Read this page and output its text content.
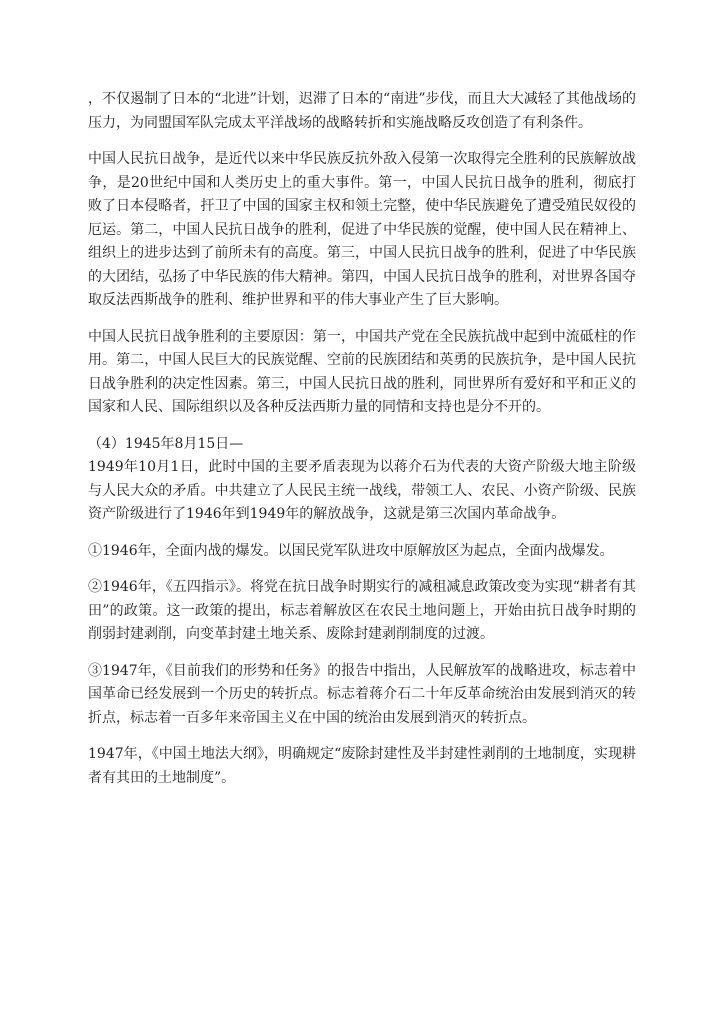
，不仅遏制了日本的“北进”计划，迟滞了日本的“南进”步伐，而且大大减轻了其他战场的压力，为同盟国军队完成太平洋战场的战略转折和实施战略反攻创造了有利条件。

中国人民抗日战争，是近代以来中华民族反抗外敌入侵第一次取得完全胜利的民族解放战争，是20世纪中国和人类历史上的重大事件。第一，中国人民抗日战争的胜利，彻底打败了日本侵略者，扞卫了中国的国家主权和领土完整，使中华民族避免了遭受殖民奴役的厄运。第二，中国人民抗日战争的胜利，促进了中华民族的觉醒，使中国人民在精神上、组织上的进步达到了前所未有的高度。第三，中国人民抗日战争的胜利，促进了中华民族的大团结，弘扬了中华民族的伟大精神。第四，中国人民抗日战争的胜利，对世界各国夺取反法西斯战争的胜利、维护世界和平的伟大事业产生了巨大影响。

中国人民抗日战争胜利的主要原因：第一，中国共产党在全民族抗战中起到中流砥柱的作用。第二，中国人民巨大的民族觉醒、空前的民族团结和英勇的民族抗争，是中国人民抗日战争胜利的决定性因素。第三，中国人民抗日战的胜利，同世界所有爱好和平和正义的国家和人民、国际组织以及各种反法西斯力量的同情和支持也是分不开的。

（4）1945年8月15日—

1949年10月1日，此时中国的主要矛盾表现为以蒋介石为代表的大资产阶级大地主阶级与人民大众的矛盾。中共建立了人民民主统一战线，带领工人、农民、小资产阶级、民族资产阶级进行了1946年到1949年的解放战争，这就是第三次国内革命战争。

①1946年，全面内战的爆发。以国民党军队进攻中原解放区为起点，全面内战爆发。

②1946年，《五四指示》。将党在抗日战争时期实行的减租减息政策改变为实现“耕者有其田”的政策。这一政策的提出，标志着解放区在农民土地问题上，开始由抗日战争时期的削弱封建剥削，向变革封建土地关系、废除封建剥削制度的过渡。

③1947年，《目前我们的形势和任务》的报告中指出，人民解放军的战略进攻，标志着中国革命已经发展到一个历史的转折点。标志着蒋介石二十年反革命统治由发展到消灭的转折点，标志着一百多年来帝国主义在中国的统治由发展到消灭的转折点。

1947年，《中国土地法大纲》，明确规定“废除封建性及半封建性剥削的土地制度，实现耕者有其田的土地制度”。
